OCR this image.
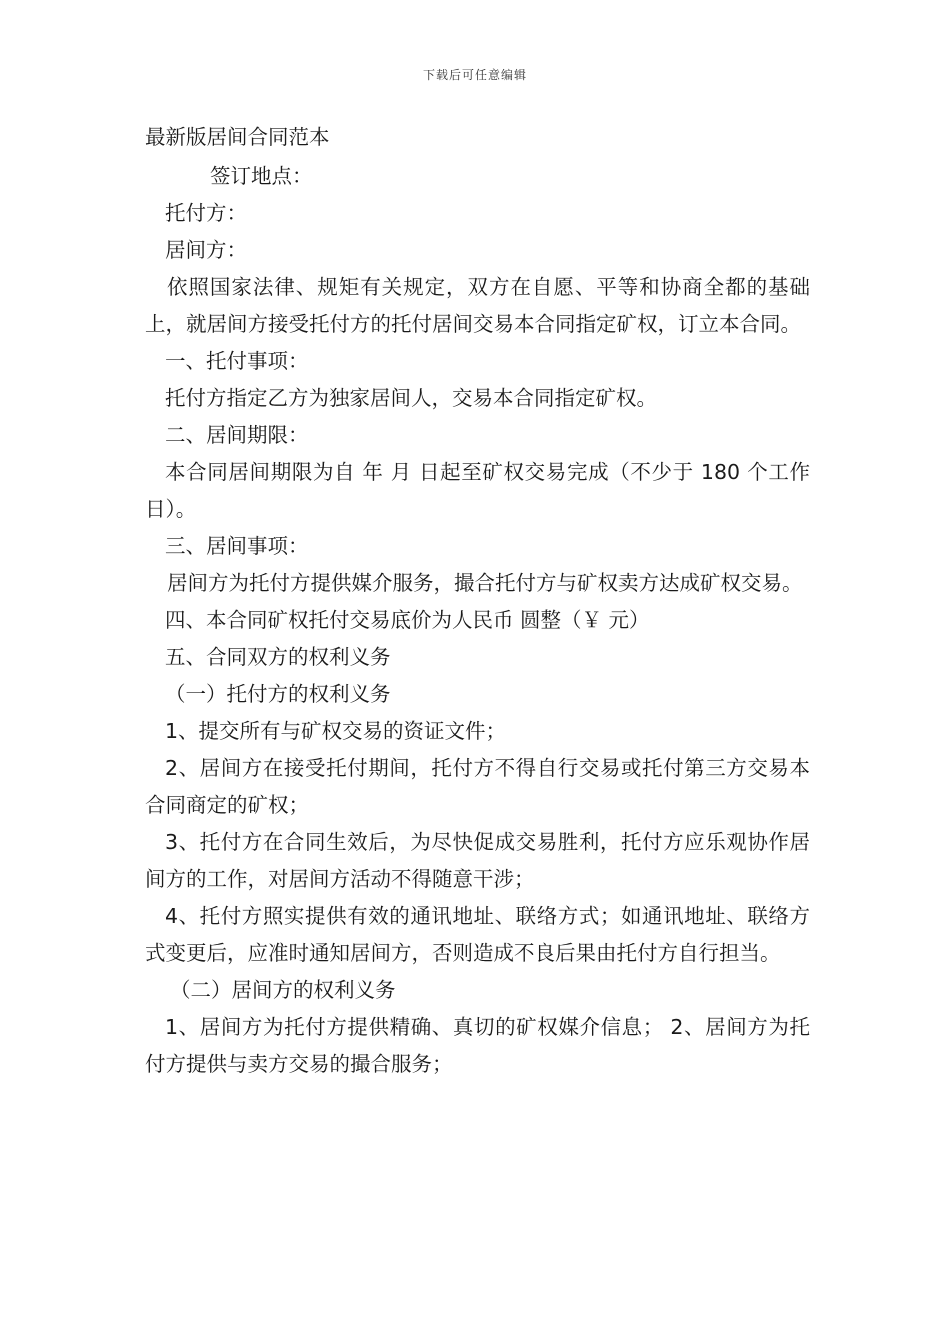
下载后可任意编辑

最新版居间合同范本

签订地点：

托付方：

居间方：

依照国家法律、规矩有关规定，双方在自愿、平等和协商全都的基础上，就居间方接受托付方的托付居间交易本合同指定矿权，订立本合同。

一、托付事项：

托付方指定乙方为独家居间人，交易本合同指定矿权。

二、居间期限：

本合同居间期限为自 年 月 日起至矿权交易完成（不少于 180 个工作日）。

三、居间事项：

居间方为托付方提供媒介服务，撮合托付方与矿权卖方达成矿权交易。

四、本合同矿权托付交易底价为人民币 圆整（￥ 元）

五、合同双方的权利义务

（一）托付方的权利义务

1、提交所有与矿权交易的资证文件；

2、居间方在接受托付期间，托付方不得自行交易或托付第三方交易本合同商定的矿权；

3、托付方在合同生效后，为尽快促成交易胜利，托付方应乐观协作居间方的工作，对居间方活动不得随意干涉；

4、托付方照实提供有效的通讯地址、联络方式；如通讯地址、联络方式变更后，应准时通知居间方，否则造成不良后果由托付方自行担当。

（二）居间方的权利义务

1、居间方为托付方提供精确、真切的矿权媒介信息； 2、居间方为托付方提供与卖方交易的撮合服务；
